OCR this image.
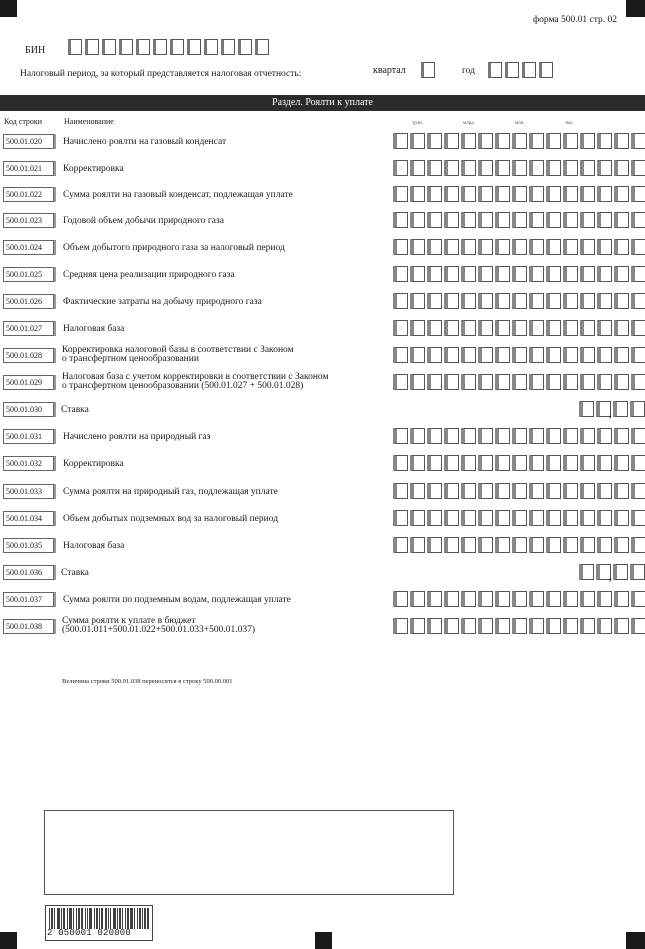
форма 500.01 стр. 02
БИН
Налоговый период, за который представляется налоговая отчетность:	квартал	год
Раздел. Роялти к уплате
Код строки	Наименование	трлн.	млрд.	млн.	тыс.
500.01.020	Начислено роялти на газовый конденсат
500.01.021	Корректировка
500.01.022	Сумма роялти на газовый конденсат, подлежащая уплате
500.01.023	Годовой объем добычи природного газа
500.01.024	Объем добытого природного газа за налоговый период
500.01.025	Средняя цена реализации природного газа
500.01.026	Фактические затраты на добычу природного газа
500.01.027	Налоговая база
500.01.028
Корректировка налоговой базы в соответствии с Законом
о трансфертном ценообразовании
500.01.029
Налоговая база с учетом корректировки в соответствии с Законом
о трансфертном ценообразовании (500.01.027 + 500.01.028)
500.01.030	Ставка	,
500.01.031	Начислено роялти на природный газ
500.01.032	Корректировка
500.01.033	Сумма роялти на природный газ, подлежащая уплате
500.01.034	Объем добытых подземных вод за налоговый период
500.01.035	Налоговая база
500.01.036	Ставка	,
500.01.037	Сумма роялти по подземным водам, подлежащая уплате
500.01.038
Сумма роялти к уплате в бюджет
(500.01.011+500.01.022+500.01.033+500.01.037)
Величина строки 500.01.038 переносится в строку 500.00.001
2 050001 020000
